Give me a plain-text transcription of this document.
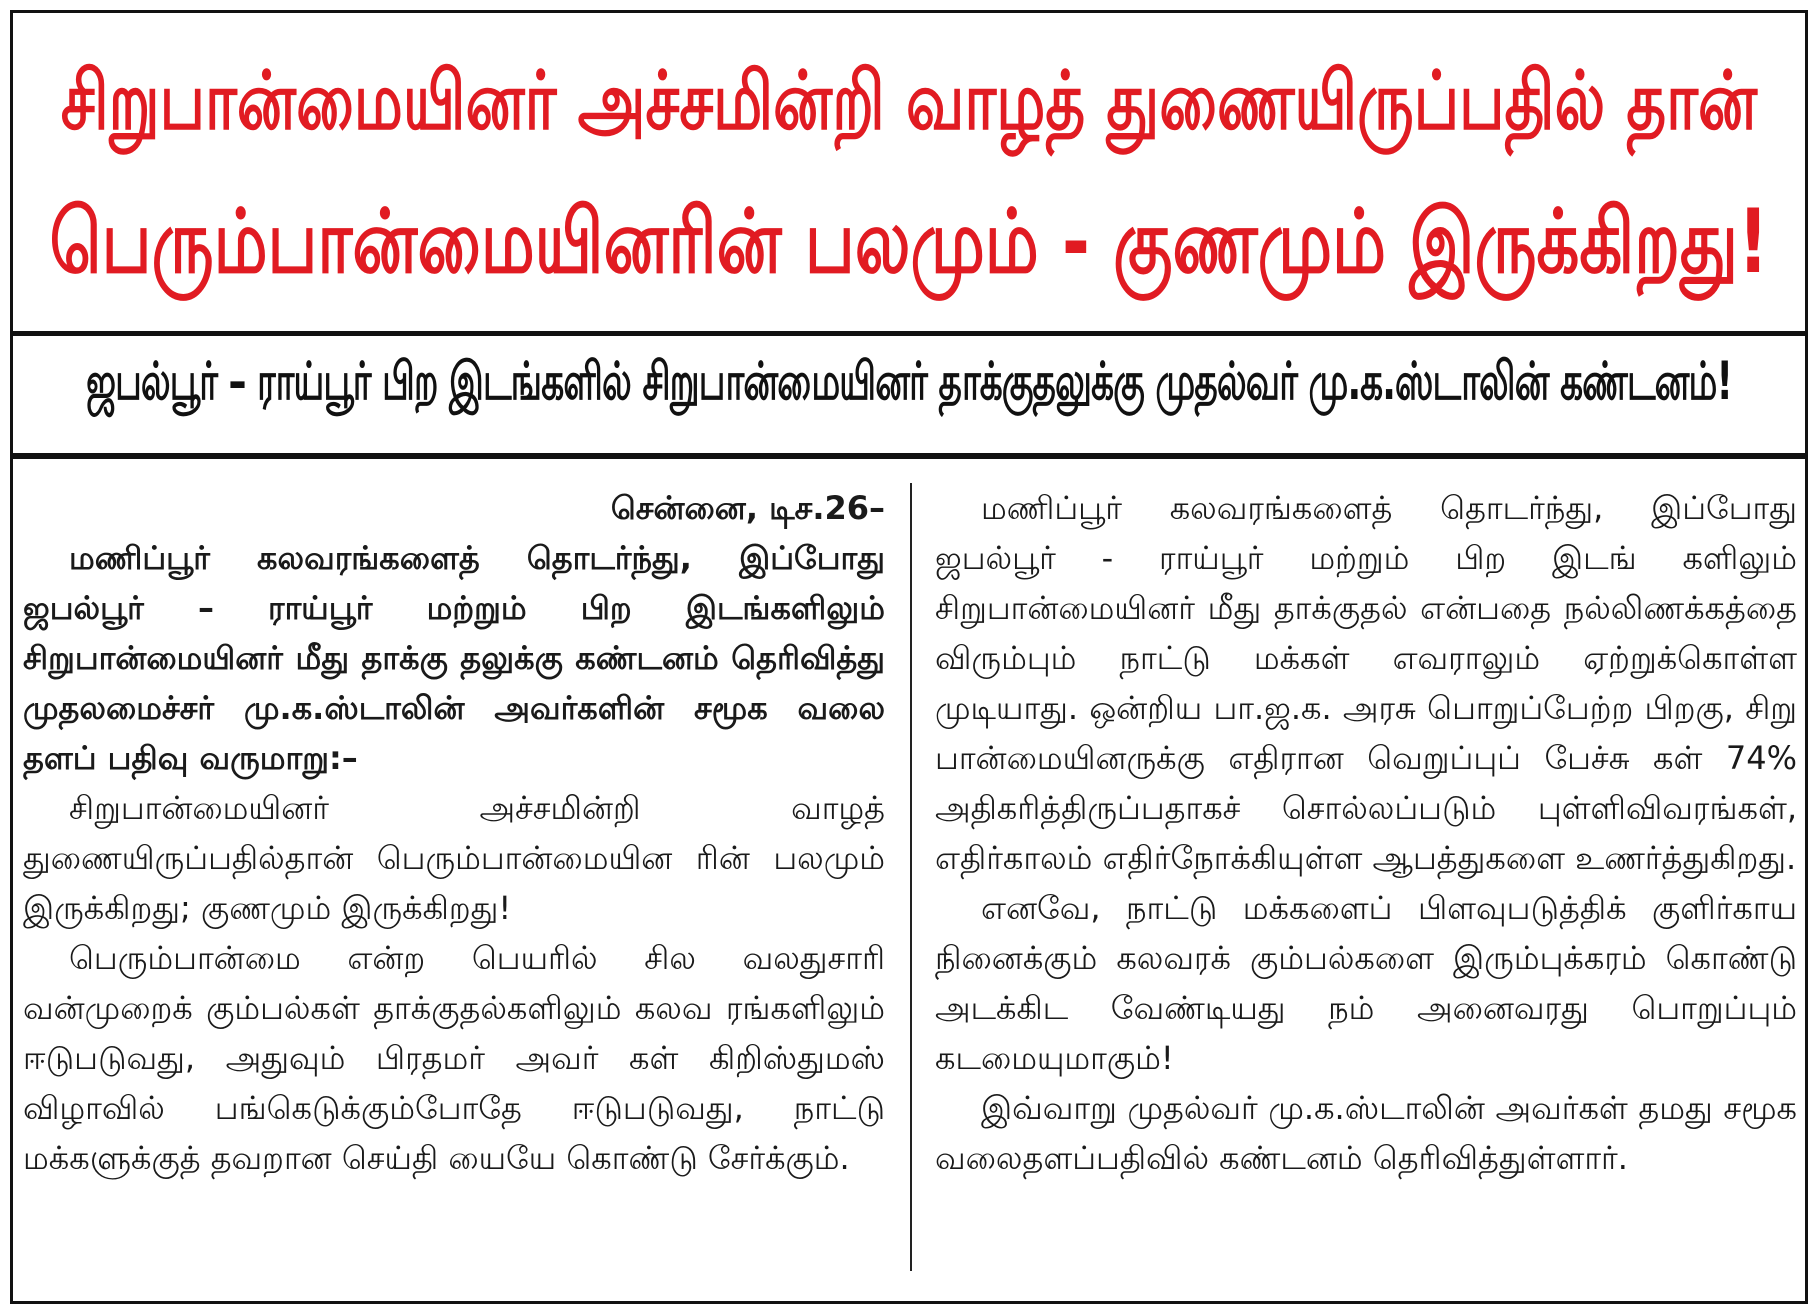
சிறுபான்மையினர் அச்சமின்றி வாழத் துணையிருப்பதில் தான்
பெரும்பான்மையினரின் பலமும் - குணமும் இருக்கிறது!
ஜபல்பூர் – ராய்பூர் பிற இடங்களில் சிறுபான்மையினர் தாக்குதலுக்கு முதல்வர் மு.க.ஸ்டாலின் கண்டனம்!

சென்னை, டிச.26–

மணிப்பூர் கலவரங்களைத் தொடர்ந்து, இப்போது ஜபல்பூர் – ராய்பூர் மற்றும் பிற இடங்களிலும் சிறுபான்மையினர் மீது தாக்கு தலுக்கு கண்டனம் தெரிவித்து முதலமைச்சர் மு.க.ஸ்டாலின் அவர்களின் சமூக வலை தளப் பதிவு வருமாறு:–

சிறுபான்மையினர் அச்சமின்றி வாழத் துணையிருப்பதில்தான் பெரும்பான்மையின ரின் பலமும் இருக்கிறது; குணமும் இருக்கிறது!

பெரும்பான்மை என்ற பெயரில் சில வலதுசாரி வன்முறைக் கும்பல்கள் தாக்குதல்களிலும் கலவ ரங்களிலும் ஈடுபடுவது, அதுவும் பிரதமர் அவர் கள் கிறிஸ்துமஸ் விழாவில் பங்கெடுக்கும்போதே ஈடுபடுவது, நாட்டு மக்களுக்குத் தவறான செய்தி யையே கொண்டு சேர்க்கும்.

மணிப்பூர் கலவரங்களைத் தொடர்ந்து, இப்போது ஜபல்பூர் - ராய்பூர் மற்றும் பிற இடங் களிலும் சிறுபான்மையினர் மீது தாக்குதல் என்பதை நல்லிணக்கத்தை விரும்பும் நாட்டு மக்கள் எவராலும் ஏற்றுக்கொள்ள முடியாது. ஒன்றிய பா.ஜ.க. அரசு பொறுப்பேற்ற பிறகு, சிறு பான்மையினருக்கு எதிரான வெறுப்புப் பேச்சு கள் 74% அதிகரித்திருப்பதாகச் சொல்லப்படும் புள்ளிவிவரங்கள், எதிர்காலம் எதிர்நோக்கியுள்ள ஆபத்துகளை உணர்த்துகிறது.

எனவே, நாட்டு மக்களைப் பிளவுபடுத்திக் குளிர்காய நினைக்கும் கலவரக் கும்பல்களை இரும்புக்கரம் கொண்டு அடக்கிட வேண்டியது நம் அனைவரது பொறுப்பும் கடமையுமாகும்!

இவ்வாறு முதல்வர் மு.க.ஸ்டாலின் அவர்கள் தமது சமூக வலைதளப்பதிவில் கண்டனம் தெரிவித்துள்ளார்.
